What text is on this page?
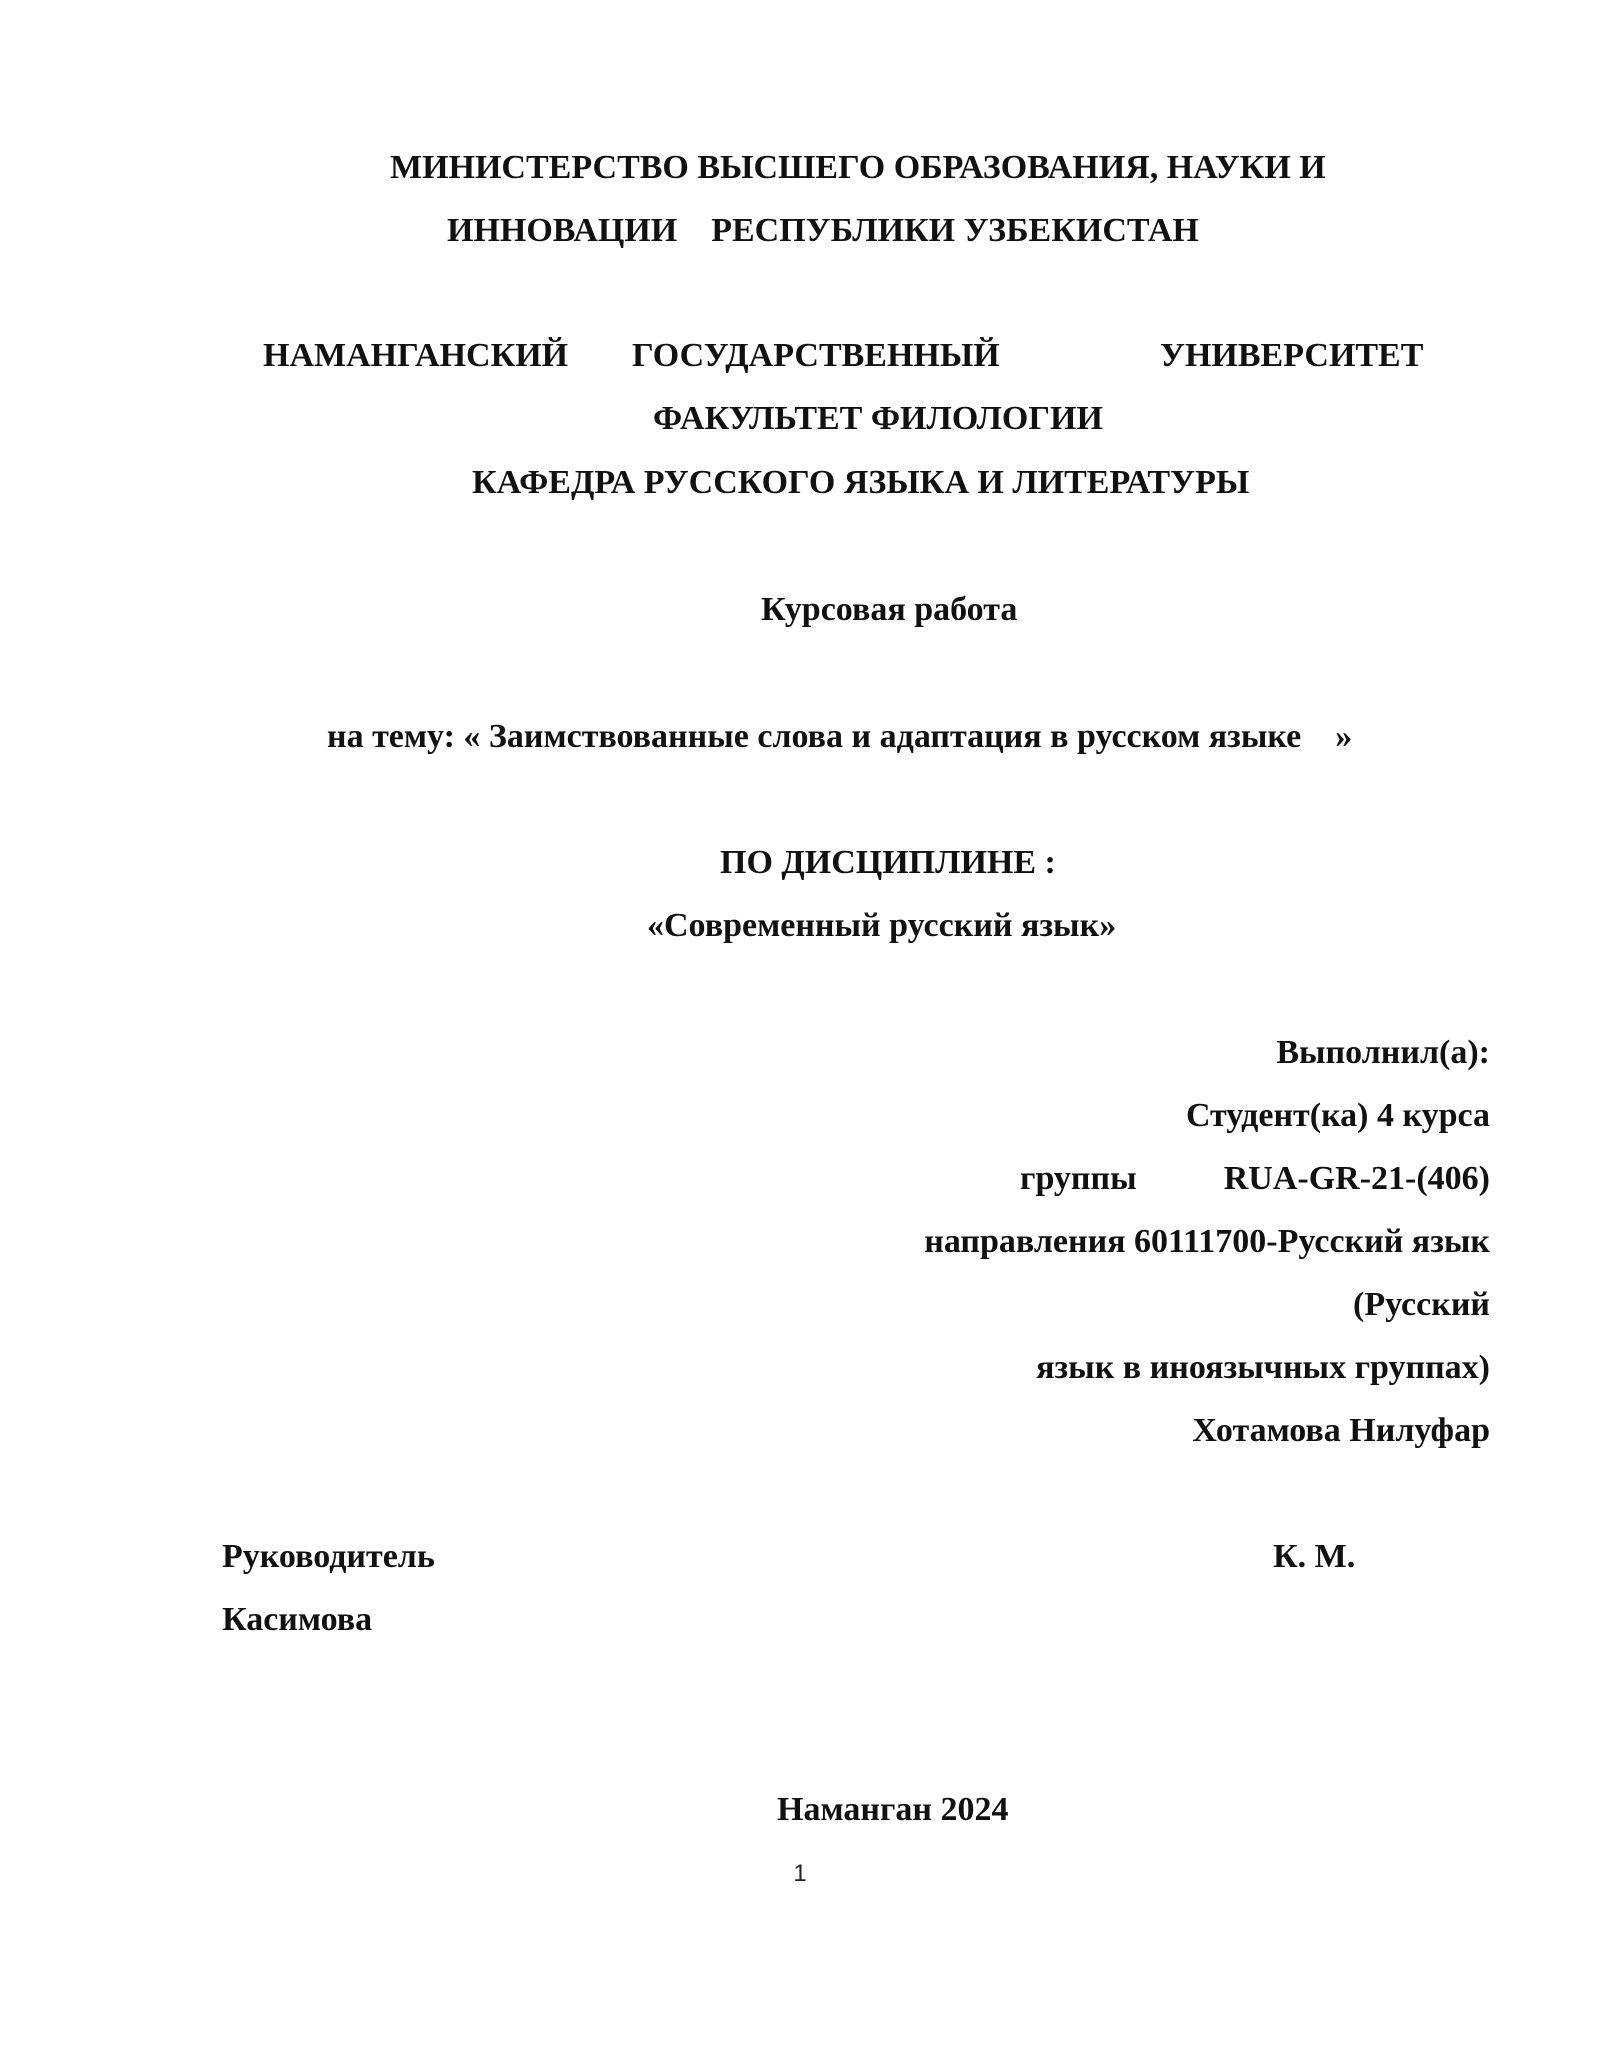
МИНИСТЕРСТВО ВЫСШЕГО ОБРАЗОВАНИЯ, НАУКИ И
ИННОВАЦИИ    РЕСПУБЛИКИ УЗБЕКИСТАН
НАМАНГАНСКИЙ ГОСУДАРСТВЕННЫЙ	УНИВЕРСИТЕТ
ФАКУЛЬТЕТ ФИЛОЛОГИИ
КАФЕДРА РУССКОГО ЯЗЫКА И ЛИТЕРАТУРЫ
Курсовая работа
на тему: « Заимствованные слова и адаптация в русском языке    »
ПО ДИСЦИПЛИНЕ :
«Современный русский язык»
Выполнил(а):
Студент(ка) 4 курса
группы	RUA-GR-21-(406)
направления 60111700-Русский язык
(Русский
язык в иноязычных группах)
Хотамова Нилуфар
Руководитель	К. М.
Касимова
Наманган 2024
1
